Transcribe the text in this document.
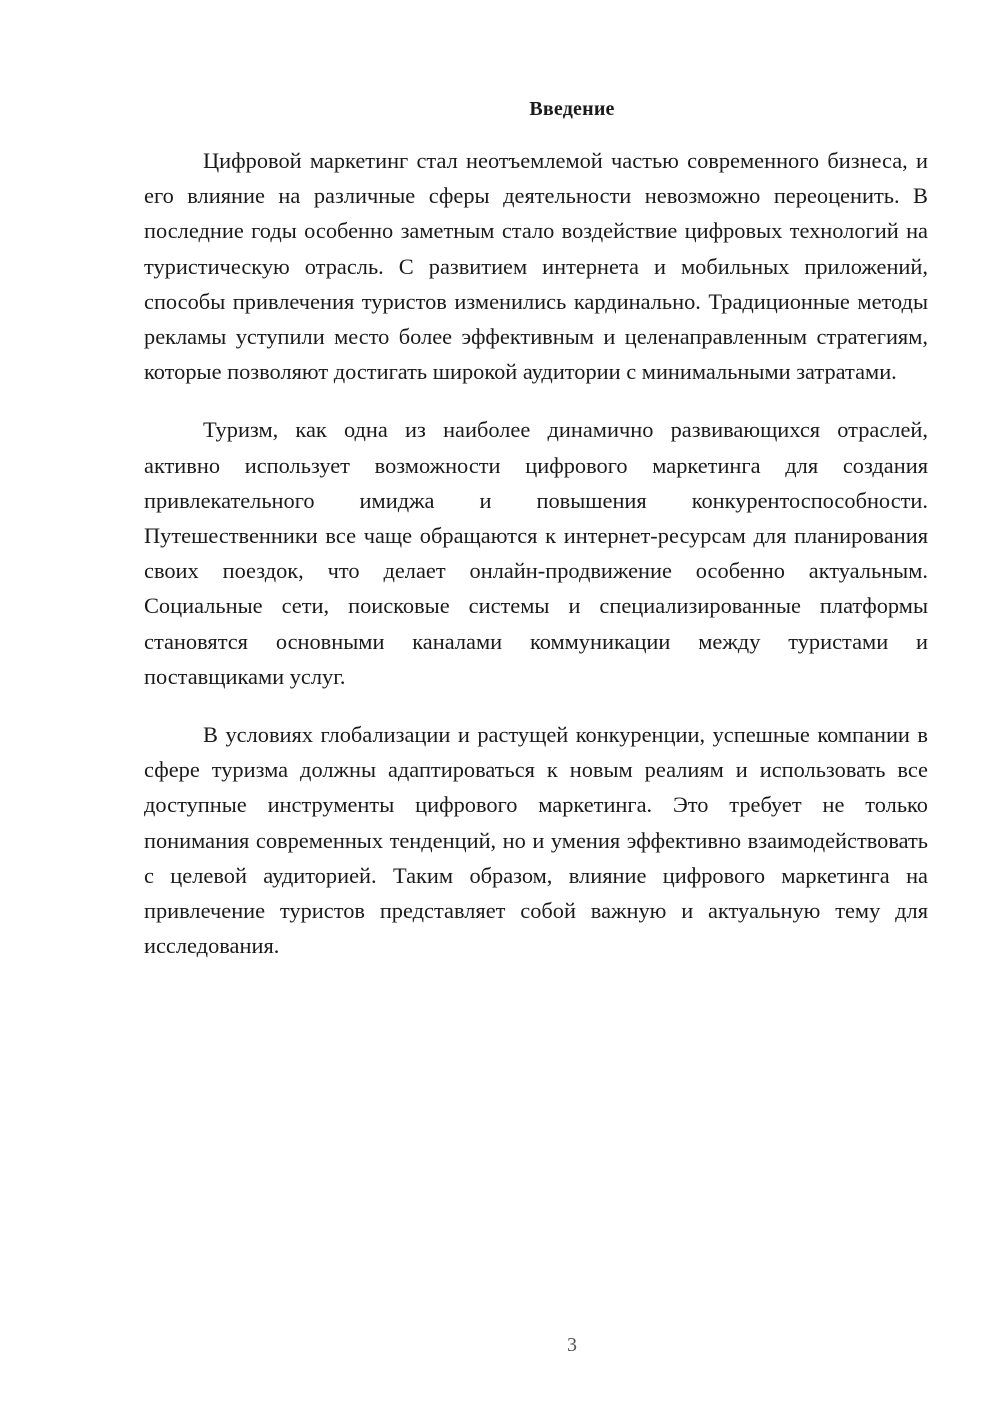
Введение

Цифровой маркетинг стал неотъемлемой частью современного бизнеса, и его влияние на различные сферы деятельности невозможно переоценить. В последние годы особенно заметным стало воздействие цифровых технологий на туристическую отрасль. С развитием интернета и мобильных приложений, способы привлечения туристов изменились кардинально. Традиционные методы рекламы уступили место более эффективным и целенаправленным стратегиям, которые позволяют достигать широкой аудитории с минимальными затратами.

Туризм, как одна из наиболее динамично развивающихся отраслей, активно использует возможности цифрового маркетинга для создания привлекательного имиджа и повышения конкурентоспособности. Путешественники все чаще обращаются к интернет-ресурсам для планирования своих поездок, что делает онлайн-продвижение особенно актуальным. Социальные сети, поисковые системы и специализированные платформы становятся основными каналами коммуникации между туристами и поставщиками услуг.

В условиях глобализации и растущей конкуренции, успешные компании в сфере туризма должны адаптироваться к новым реалиям и использовать все доступные инструменты цифрового маркетинга. Это требует не только понимания современных тенденций, но и умения эффективно взаимодействовать с целевой аудиторией. Таким образом, влияние цифрового маркетинга на привлечение туристов представляет собой важную и актуальную тему для исследования.

3
